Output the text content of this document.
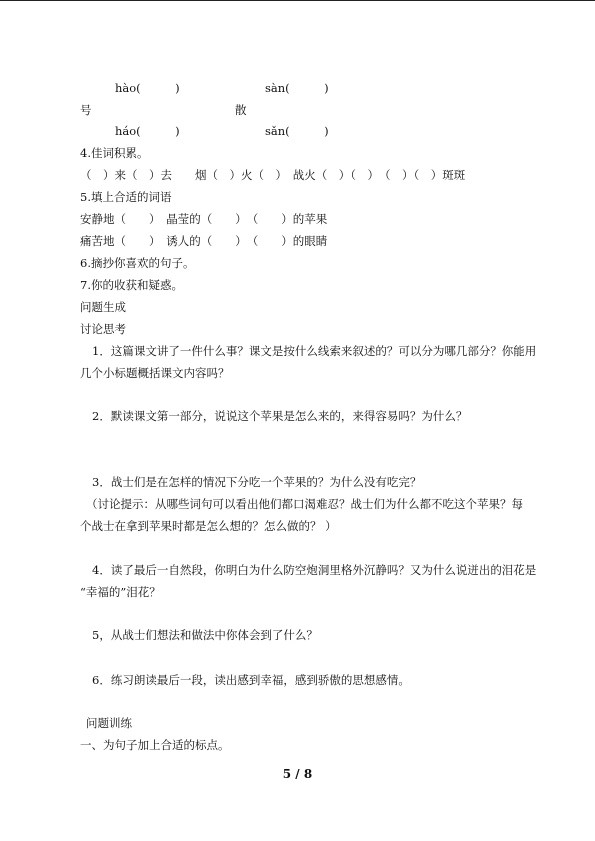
hào(　　　)	sàn(　　　)
号	散
háo(　　　)	sǎn(　　　)
4.佳词积累。
（　）来（　）去　　烟（　）火（　）　战火（　）（　）　（　）（　）斑斑
5.填上合适的词语
安静地（　　）　晶莹的（　　）　（　　）的苹果
痛苦地（　　）　诱人的（　　）　（　　）的眼睛
6.摘抄你喜欢的句子。
7.你的收获和疑惑。
问题生成
讨论思考
1．这篇课文讲了一件什么事？课文是按什么线索来叙述的？可以分为哪几部分？你能用
几个小标题概括课文内容吗？
2．默读课文第一部分，说说这个苹果是怎么来的，来得容易吗？为什么？
3．战士们是在怎样的情况下分吃一个苹果的？为什么没有吃完？
（讨论提示：从哪些词句可以看出他们都口渴难忍？战士们为什么都不吃这个苹果？每
个战士在拿到苹果时都是怎么想的？怎么做的？ ）
4．读了最后一自然段，你明白为什么防空炮洞里格外沉静吗？又为什么说迸出的泪花是
“幸福的”泪花？
5，从战士们想法和做法中你体会到了什么？
6．练习朗读最后一段，读出感到幸福，感到骄傲的思想感情。
问题训练
一、为句子加上合适的标点。
5 / 8
